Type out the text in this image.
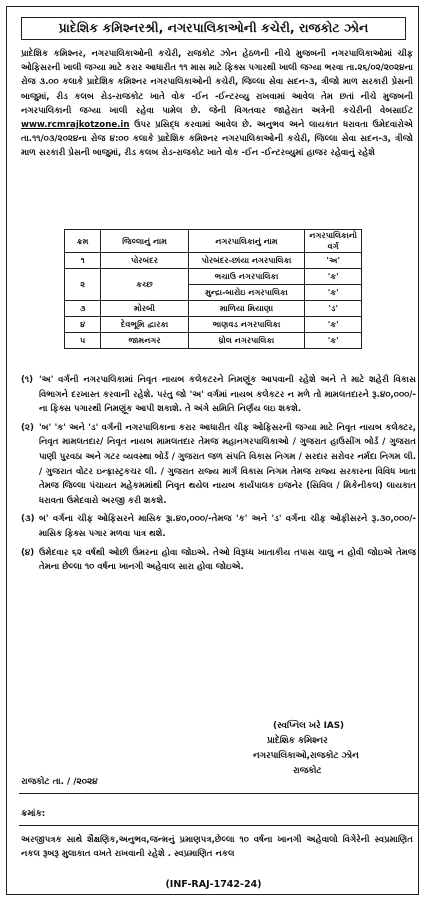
પ્રાદેશિક કમિશ્નરશ્રી, નગરપાલિકાઓની કચેરી, રાજકોટ ઝોન
પ્રાદેશિક કમિશ્નર, નગરપાલિકાઓની કચેરી, રાજકોટ ઝોન હેઠળની નીચે મુજબની નગરપાલિકાઓમાં ચીફ ઓફિસરની ખાલી જગ્યા માટે કરાર આધારીત ૧૧ માસ માટે ફિક્સ પગારથી ખાલી જગ્યા ભરવા તા.૨૬/૦૨/૨૦૨૪ના રોજ ૩.૦૦ કલાકે પ્રાદેશિક કમિશ્નર નગરપાલિકાઓની કચેરી, જિલ્લા સેવા સદન-૩, ત્રીજો માળ સરકારી પ્રેસની બાજુમાં, રીડ કલબ રોડ-રાજકોટ ખાતે વોક -ઈન -ઈન્ટરવ્યુ રાખવામાં આવેલ તેમ છતાં નીચે મુજબની નગરપાલિકાની જગ્યા ખાલી રહેવા પામેલ છે. જેની વિગતવાર જાહેરાત અત્રેની કચેરીની વેબસાઈટ www.rcmrajkotzone.in ઉપર પ્રસિદ્ધ કરવામાં આવેલ છે. અનુભવ અને લાયકાત ધરાવતા ઉમેદવારોએ તા.૧૧/૦૩/૨૦૨૪ના રોજ ૪:૦૦ કલાકે પ્રાદેશિક કમિશ્નર નગરપાલિકાઓની કચેરી, જિલ્લા સેવા સદન-૩, ત્રીજો માળ સરકારી પ્રેસની બાજુમાં, રીડ કલબ રોડ-રાજકોટ ખાતે વોક -ઈન -ઈન્ટરવ્યુમાં હાજર રહેવાનું રહેશે
ક્રમ	જિલ્લાનું નામ	નગરપાલિકાનું નામ	નગરપાલિકાનો વર્ગ
૧	પોરબંદર	પોરબંદર-છાંયા નગરપાલિકા	'અ'
૨	કચ્છ	ભચાઉ નગરપાલિકા	'ક'
		મુન્દ્રા-બારોઇ નગરપાલિકા	'ક'
૩	મોરબી	માળિયા મિયાણા	'ડ'
૪	દેવભૂમિ દ્વારકા	ભાણવડ નગરપાલિકા	'ક'
૫	જામનગર	ધ્રોલ નગરપાલિકા	'ક'
(૧) 'અ' વર્ગની નગરપાલિકામાં નિવૃત નાયબ કલેકટરને નિમણૂંક આપવાની રહેશે અને તે માટે શહેરી વિકાસ વિભાગને દરખાસ્ત કરવાની રહેશે. પરંતુ જો 'અ' વર્ગમાં નાયબ કલેકટર ન મળે તો મામલતદારને રૂ.૪૦,૦૦૦/-ના ફિક્સ પગારથી નિમણૂંક આપી શકાશે. તે અંગે સમિતિ નિર્ણય લઇ શકશે.
(૨) 'બ' 'ક' અને 'ડ' વર્ગની નગરપાલિકાના કરાર આધારીત ચીફ ઓફિસરની જગ્યા માટે નિવૃત નાયબ કલેક્ટર, નિવૃત મામલતદાર/ નિવૃત નાયબ મામલતદાર તેમજ મહાનગરપાલિકાઓ / ગુજરાત હાઉસીંગ બોર્ડ / ગુજરાત પાણી પુરવઠા અને ગટર વ્યવસ્થા બોર્ડ / ગુજરાત જળ સંપતિ વિકાસ નિગમ / સરદાર સરોવર નર્મદા નિગમ લી. / ગુજરાત વોટર ઇન્ફ્રાસ્ટ્રકચર લી. / ગુજરાત રાજ્ય માર્ગ વિકાસ નિગમ તેમજ રાજ્ય સરકારના વિવિધ ખાતા તેમજ જિલ્લા પંચાયત મહેકમમાંથી નિવૃત થયેલ નાયબ કાર્યપાલક ઇજનેર (સિવિલ / મિકેનીકલ) લાયકાત ધરાવતા ઉમેદવારો અરજી કરી શકશે.
(૩) બ' વર્ગના ચીફ ઓફિસરને માસિક રૂા.૪૦,૦૦૦/-તેમજ 'ક' અને 'ડ' વર્ગના ચીફ ઓફીસરને રૂ.૩૦,૦૦૦/- માસિક ફિક્સ પગાર મળવા પાત્ર થશે.
(૪) ઉમેદવાર ૬૨ વર્ષથી ઓછી ઉંમરના હોવા જોઇએ. તેઓ વિરૂધ્ધ ખાતાકીય તપાસ ચાલુ ન હોવી જોઇએ તેમજ તેમના છેલ્લા ૧૦ વર્ષના ખાનગી અહેવાલ સારા હોવા જોઇએ.
(સ્વપ્નિલ ખરે IAS)
પ્રાદેશિક કમિશ્નર
નગરપાલિકાઓ,રાજકોટ ઝોન
રાજકોટ
રાજકોટ તા. / /૨૦૨૪
ક્રમાંક:
અરજીપત્રક સાથે શૈક્ષણિક,અનુભવ,જન્મનું પ્રમાણપત્ર,છેલ્લા ૧૦ વર્ષના ખાનગી અહેવાલો વિગેરેની સ્વપ્રમાણિત નકલ રૂબરૂ મુલાકાત વખતે રાખવાની રહેશે . સ્વપ્રમાણિત નકલ
(INF-RAJ-1742-24)
